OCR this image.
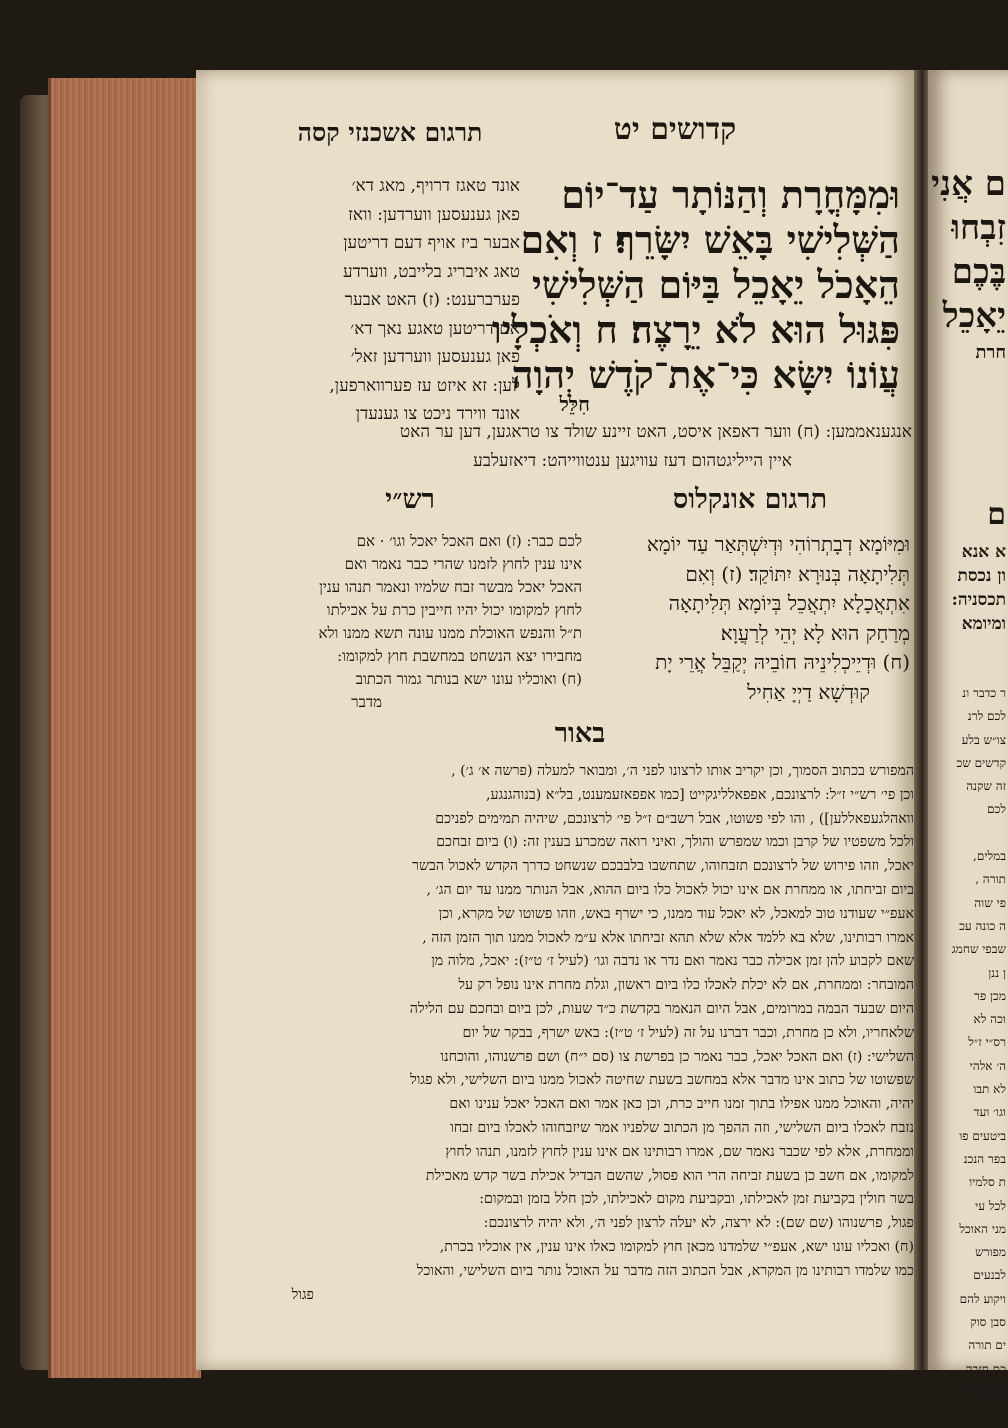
ם אֲנִי
זִבְחוּ
בֶּכֶם
יֵאָכֵל
חרת
ם
א אנא
ון נכסת
תכסניה:
ומיומא
ר כדבר ונ
לכם לרנ
צו״ש בלע
קדשים שכ
זה שקנה
לכם

במלים,
תורה ,
פי שוה
ה כונה עכ
שבפי שחמג
ן ננן
מכן פר
וכה לא
רס״י ז״ל
ה׳ אלהי
לא תבו
וגו׳ ועד
ביטעים פו
בפר הנכנ
ת סלמיו
לכל עי
מני האוכל
מפורש
לבנעים
ויקוע להם
סבן סוק
ים תורה
כם חזבה
יסה כאנו
קדושים יט
תרגום אשכנזי קסה
וּמִמָּחֳרָת וְהַנּוֹתָר עַד־יוֹם
הַשְּׁלִישִׁי בָּאֵשׁ יִשָּׂרֵף׃ ז וְאִם
הֵאָכֹל יֵאָכֵל בַּיּוֹם הַשְּׁלִישִׁי
פִּגּוּל הוּא לֹא יֵרָצֶה׃ ח וְאֹכְלָיו
עֲוֹנוֹ יִשָּׂא כִּי־אֶת־קֹדֶשׁ יְהוָה
חִלֵּל
אונד טאגז דרויף, מאג דא׳
פאן גענעסען ווערדען: וואז
אבער ביז אויף דעם דריטען
טאג איבריג בלייבט, ווערדע
פערברענט: (ז) האט אבער
אם דריטען טאגע נאך דא׳
פאן גענעסען ווערדען זאל׳
לען: זא איזט עז פערווארפען,
אונד ווירד ניכט צו גענעדן
אנגענאממען: (ח) ווער דאפאן איסט, האט זיינע שולד צו טראגען, דען ער האט
איין הייליגטהום דעז עוויגען ענטווייהט: דיאזעלבע
תרגום אונקלוס
וּמִיּוֹמָא דְבָתְרוֹהִי וּדְיִשְׁתְּאַר עַד יוֹמָא
תְּלִיתָאָה בְּנוּרָא יִתּוֹקַד׃ (ז) וְאִם
אִתְאֲכָלָא יִתְאֲכֵל בְּיוֹמָא תְּלִיתָאָה
מְרַחַק הוּא לָא יְהֵי לְרַעֲוָא׃
(ח) וּדְיֵיכְלִינֵיהּ חוֹבֵיהּ יְקַבֵּל אֲרֵי יָת
קוּדְשָׁא דַיְיָ אַחִיל
רש״י
לכם כבר: (ז) ואם האכל יאכל וגו׳ · אם
אינו ענין לחוץ לזמנו שהרי כבר נאמר ואם
האכל יאכל מבשר זבח שלמיו ונאמר תנהו ענין
לחוץ למקומו יכול יהיו חייבין כרת על אכילתו
ת״ל והנפש האוכלת ממנו עונה תשא ממנו ולא
מחבירו יצא הנשחט במחשבת חוץ למקומו:
(ח) ואוכליו עונו ישא בנותר גמור הכתוב
מדבר
באור
המפורש בכתוב הסמוך, וכן יקריב אותו לרצונו לפני ה׳, ומבואר למעלה (פרשה א׳ ג׳) ,
וכן פי׳ רש״י ז״ל: לרצונכם, אפפאלליגקייט [כמו אפפאזעמענט, בל״א (בנוהגנגע,
וואהלגעפאללען]) , והו לפי פשוטו, אבל רשב״ם ז״ל פי׳ לרצונכם, שיהיה תמימים לפניכם
ולכל משפטיו של קרבן וכמו שמפרש והולך, ואיני רואה שמכרע בענין זה: (ו) ביום זבחכם
יאכל, וזהו פירוש של לרצונכם תזבחוהו, שתחשבו בלבבכם שנשחט כדרך הקדש לאכול הבשר
ביום זביחתו, או ממחרת אם אינו יכול לאכול כלו ביום ההוא, אבל הנותר ממנו עד יום הג׳ ,
אעפ״י שעודנו טוב למאכל, לא יאכל עוד ממנו, כי ישרף באש, וזהו פשוטו של מקרא, וכן
אמרו רבותינו, שלא בא ללמד אלא שלא תהא זביחתו אלא ע״מ לאכול ממנו תוך הזמן הזה ,
שאם לקבוע להן זמן אכילה כבר נאמר ואם נדר או נדבה וגו׳ (לעיל ז׳ ט״ז): יאכל, מלוה מן
המובחר: וממחרת, אם לא יכלת לאכלו כלו ביום ראשון, וגלת מחרת אינו נופל רק על
היום שבעד הבמה במרומים, אבל היום הנאמר בקדשת כ״ד שעות, לכן ביום ובחכם עם הלילה
שלאחריו, ולא כן מחרת, וכבר דברנו על זה (לעיל ז׳ ט״ז): באש ישרף, בבקר של יום
השלישי: (ז) ואם האכל יאכל, כבר נאמר כן בפרשת צו (סם י״ח) ושם פרשנוהו, והוכחנו
שפשוטו של כתוב אינו מדבר אלא במחשב בשעת שחיטה לאכול ממנו ביום השלישי, ולא פגול
יהיה, והאוכל ממנו אפילו בתוך זמנו חייב כרת, וכן כאן אמר ואם האכל יאכל ענינו ואם
נזבח לאכלו ביום השלישי, וזה ההפך מן הכתוב שלפניו אמר שיזבחוהו לאכלו ביום זבחו
וממחרת, אלא לפי שכבר נאמר שם, אמרו רבותינו אם אינו ענין לחוץ לזמנו, תנהו לחוץ
למקומו, אם חשב כן בשעת זביחה הרי הוא פסול, שהשם הבדיל אכילת בשר קדש מאכילת
בשר חולין בקביעת זמן לאכילתו, ובקביעת מקום לאכילתו, לכן חלל בזמן ובמקום:
פגול, פרשנוהו (שם שם): לא ירצה, לא יעלה לרצון לפני ה׳, ולא יהיה לרצונכם:
(ח) ואכליו עונו ישא, אעפ״י שלמדנו מכאן חוץ למקומו כאלו אינו ענין, אין אוכליו בכרת,
כמו שלמדו רבותינו מן המקרא, אבל הכתוב הזה מדבר על האוכל נותר ביום השלישי, והאוכל
פגול
